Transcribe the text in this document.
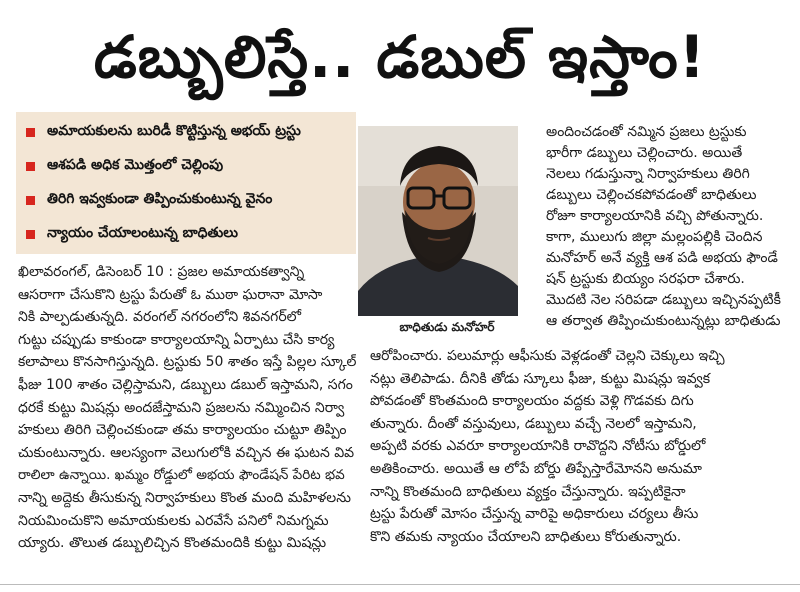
డబ్బులిస్తే.. డబుల్ ఇస్తాం!
అమాయకులను బురిడీ కొట్టిస్తున్న అభయ్ ట్రస్టు
ఆశపడి అధిక మొత్తంలో చెల్లింపు
తిరిగి ఇవ్వకుండా తిప్పించుకుంటున్న వైనం
న్యాయం చేయాలంటున్న బాధితులు
బాధితుడు మనోహర్
అందించడంతో నమ్మిన ప్రజలు ట్రస్టుకు
భారీగా డబ్బులు చెల్లించారు. అయితే
నెలలు గడుస్తున్నా నిర్వాహకులు తిరిగి
డబ్బులు చెల్లించకపోవడంతో బాధితులు
రోజూ కార్యాలయానికి వచ్చి పోతున్నారు.
కాగా, ములుగు జిల్లా మల్లంపల్లికి చెందిన
మనోహర్ అనే వ్యక్తి ఆశ పడి అభయ ఫౌండే
షన్ ట్రస్టుకు బియ్యం సరఫరా చేశారు.
మొదటి నెల సరిపడా డబ్బులు ఇచ్చినప్పటికీ
ఆ తర్వాత తిప్పించుకుంటున్నట్లు బాధితుడు
ఖిలావరంగల్, డిసెంబర్ 10 : ప్రజల అమాయకత్వాన్ని
ఆసరాగా చేసుకొని ట్రస్టు పేరుతో ఓ ముఠా ఘరానా మోసా
నికి పాల్పడుతున్నది. వరంగల్ నగరంలోని శివనగర్‌లో
గుట్టు చప్పుడు కాకుండా కార్యాలయాన్ని ఏర్పాటు చేసి కార్య
కలాపాలు కొనసాగిస్తున్నది. ట్రస్టుకు 50 శాతం ఇస్తే పిల్లల స్కూల్
ఫీజు 100 శాతం చెల్లిస్తామని, డబ్బులు డబుల్ ఇస్తామని, సగం
ధరకే కుట్టు మిషన్లు అందజేస్తామని ప్రజలను నమ్మించిన నిర్వా
హకులు తిరిగి చెల్లించకుండా తమ కార్యాలయం చుట్టూ తిప్పిం
చుకుంటున్నారు. ఆలస్యంగా వెలుగులోకి వచ్చిన ఈ ఘటన వివ
రాలిలా ఉన్నాయి. ఖమ్మం రోడ్డులో అభయ ఫౌండేషన్ పేరిట భవ
నాన్ని అద్దెకు తీసుకున్న నిర్వాహకులు కొంత మంది మహిళలను
నియమించుకొని అమాయకులకు ఎరవేసే పనిలో నిమగ్నమ
య్యారు. తొలుత డబ్బులిచ్చిన కొంతమందికి కుట్టు మిషన్లు
ఆరోపించారు. పలుమార్లు ఆఫీసుకు వెళ్లడంతో చెల్లని చెక్కులు ఇచ్చి
నట్లు తెలిపాడు. దీనికి తోడు స్కూలు ఫీజు, కుట్టు మిషన్లు ఇవ్వక
పోవడంతో కొంతమంది కార్యాలయం వద్దకు వెళ్లి గొడవకు దిగు
తున్నారు. దీంతో వస్తువులు, డబ్బులు వచ్చే నెలలో ఇస్తామని,
అప్పటి వరకు ఎవరూ కార్యాలయానికి రావొద్దని నోటీసు బోర్డులో
అతికించారు. అయితే ఆ లోపే బోర్డు తిప్పేస్తారేమోనని అనుమా
నాన్ని కొంతమంది బాధితులు వ్యక్తం చేస్తున్నారు. ఇప్పటికైనా
ట్రస్టు పేరుతో మోసం చేస్తున్న వారిపై అధికారులు చర్యలు తీసు
కొని తమకు న్యాయం చేయాలని బాధితులు కోరుతున్నారు.
